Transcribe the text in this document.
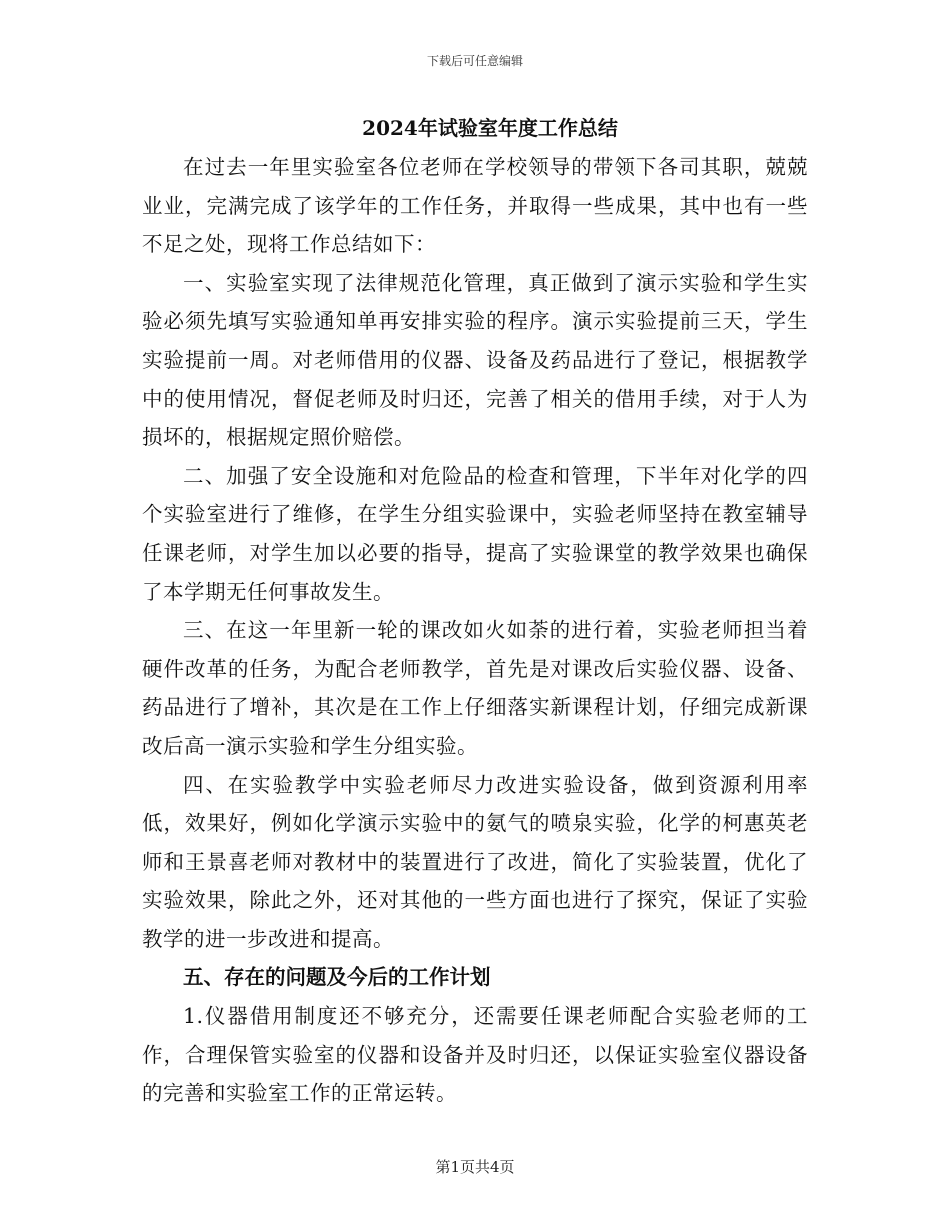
下载后可任意编辑
2024年试验室年度工作总结

在过去一年里实验室各位老师在学校领导的带领下各司其职，兢兢业业，完满完成了该学年的工作任务，并取得一些成果，其中也有一些不足之处，现将工作总结如下：

一、实验室实现了法律规范化管理，真正做到了演示实验和学生实验必须先填写实验通知单再安排实验的程序。演示实验提前三天，学生实验提前一周。对老师借用的仪器、设备及药品进行了登记，根据教学中的使用情况，督促老师及时归还，完善了相关的借用手续，对于人为损坏的，根据规定照价赔偿。

二、加强了安全设施和对危险品的检查和管理，下半年对化学的四个实验室进行了维修，在学生分组实验课中，实验老师坚持在教室辅导任课老师，对学生加以必要的指导，提高了实验课堂的教学效果也确保了本学期无任何事故发生。

三、在这一年里新一轮的课改如火如荼的进行着，实验老师担当着硬件改革的任务，为配合老师教学，首先是对课改后实验仪器、设备、药品进行了增补，其次是在工作上仔细落实新课程计划，仔细完成新课改后高一演示实验和学生分组实验。

四、在实验教学中实验老师尽力改进实验设备，做到资源利用率低，效果好，例如化学演示实验中的氨气的喷泉实验，化学的柯惠英老师和王景喜老师对教材中的装置进行了改进，简化了实验装置，优化了实验效果，除此之外，还对其他的一些方面也进行了探究，保证了实验教学的进一步改进和提高。

五、存在的问题及今后的工作计划

1.仪器借用制度还不够充分，还需要任课老师配合实验老师的工作，合理保管实验室的仪器和设备并及时归还，以保证实验室仪器设备的完善和实验室工作的正常运转。

第1页共4页
